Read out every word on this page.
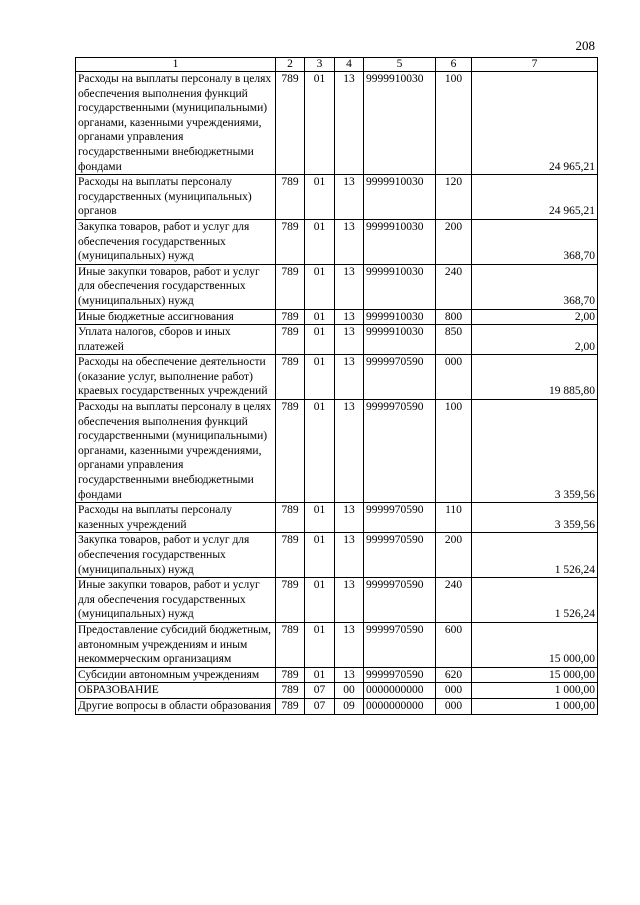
208
1	2	3	4	5	6	7
Расходы на выплаты персоналу в целях обеспечения выполнения функций государственными (муниципальными) органами, казенными учреждениями, органами управления государственными внебюджетными фондами	789	01	13	9999910030	100	24 965,21
Расходы на выплаты персоналу государственных (муниципальных) органов	789	01	13	9999910030	120	24 965,21
Закупка товаров, работ и услуг для обеспечения государственных (муниципальных) нужд	789	01	13	9999910030	200	368,70
Иные закупки товаров, работ и услуг для обеспечения государственных (муниципальных) нужд	789	01	13	9999910030	240	368,70
Иные бюджетные ассигнования	789	01	13	9999910030	800	2,00
Уплата налогов, сборов и иных платежей	789	01	13	9999910030	850	2,00
Расходы на обеспечение деятельности (оказание услуг, выполнение работ) краевых государственных учреждений	789	01	13	9999970590	000	19 885,80
Расходы на выплаты персоналу в целях обеспечения выполнения функций государственными (муниципальными) органами, казенными учреждениями, органами управления государственными внебюджетными фондами	789	01	13	9999970590	100	3 359,56
Расходы на выплаты персоналу казенных учреждений	789	01	13	9999970590	110	3 359,56
Закупка товаров, работ и услуг для обеспечения государственных (муниципальных) нужд	789	01	13	9999970590	200	1 526,24
Иные закупки товаров, работ и услуг для обеспечения государственных (муниципальных) нужд	789	01	13	9999970590	240	1 526,24
Предоставление субсидий бюджетным, автономным учреждениям и иным некоммерческим организациям	789	01	13	9999970590	600	15 000,00
Субсидии автономным учреждениям	789	01	13	9999970590	620	15 000,00
ОБРАЗОВАНИЕ	789	07	00	0000000000	000	1 000,00
Другие вопросы в области образования	789	07	09	0000000000	000	1 000,00
